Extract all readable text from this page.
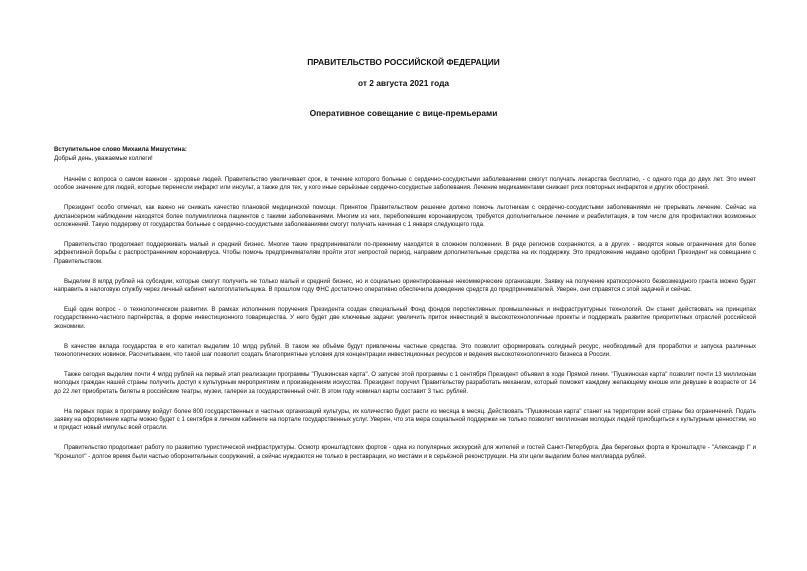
ПРАВИТЕЛЬСТВО РОССИЙСКОЙ ФЕДЕРАЦИИ
от 2 августа 2021 года
Оперативное совещание с вице-премьерами

Вступительное слово Михаила Мишустина:

Добрый день, уважаемые коллеги!

Начнём с вопроса о самом важном - здоровье людей. Правительство увеличивает срок, в течение которого больные с сердечно-сосудистыми заболеваниями смогут получать лекарства бесплатно, - с одного года до двух лет. Это имеет особое значение для людей, которые перенесли инфаркт или инсульт, а также для тех, у кого иные серьёзные сердечно-сосудистые заболевания. Лечение медикаментами снижает риск повторных инфарктов и других обострений.

Президент особо отмечал, как важно не снижать качество плановой медицинской помощи. Принятое Правительством решение должно помочь льготникам с сердечно-сосудистыми заболеваниями не прерывать лечение. Сейчас на диспансерном наблюдении находятся более полумиллиона пациентов с такими заболеваниями. Многим из них, переболевшим коронавирусом, требуется дополнительное лечение и реабилитация, в том числе для профилактики возможных осложнений. Такую поддержку от государства больные с сердечно-сосудистыми заболеваниями смогут получать начиная с 1 января следующего года.

Правительство продолжает поддерживать малый и средний бизнес. Многие такие предприниматели по-прежнему находятся в сложном положении. В ряде регионов сохраняются, а в других - вводятся новые ограничения для более эффективной борьбы с распространением коронавируса. Чтобы помочь предпринимателям пройти этот непростой период, направим дополнительные средства на их поддержку. Это предложение недавно одобрил Президент на совещании с Правительством.

Выделим 8 млрд рублей на субсидии, которые смогут получить не только малый и средний бизнес, но и социально ориентированные некоммерческие организации. Заявку на получение краткосрочного безвозмездного гранта можно будет направить в налоговую службу через личный кабинет налогоплательщика. В прошлом году ФНС достаточно оперативно обеспечила доведение средств до предпринимателей. Уверен, они справятся с этой задачей и сейчас.

Ещё один вопрос - о технологическом развитии. В рамках исполнения поручения Президента создан специальный Фонд фондов перспективных промышленных и инфраструктурных технологий. Он станет действовать на принципах государственно-частного партнёрства, в форме инвестиционного товарищества. У него будет две ключевые задачи: увеличить приток инвестиций в высокотехнологичные проекты и поддержать развитие приоритетных отраслей российской экономики.

В качестве вклада государства в его капитал выделим 10 млрд рублей. В таком же объёме будут привлечены частные средства. Это позволит сформировать солидный ресурс, необходимый для проработки и запуска различных технологических новинок. Рассчитываем, что такой шаг позволит создать благоприятные условия для концентрации инвестиционных ресурсов и ведения высокотехнологичного бизнеса в России.

Также сегодня выделим почти 4 млрд рублей на первый этап реализации программы "Пушкинская карта". О запуске этой программы с 1 сентября Президент объявил в ходе Прямой линии. "Пушкинская карта" позволит почти 13 миллионам молодых граждан нашей страны получить доступ к культурным мероприятиям и произведениям искусства. Президент поручил Правительству разработать механизм, который поможет каждому желающему юноше или девушке в возрасте от 14 до 22 лет приобретать билеты в российские театры, музеи, галереи за государственный счёт. В этом году номинал карты составит 3 тыс. рублей.

На первых порах в программу войдут более 800 государственных и частных организаций культуры, их количество будет расти из месяца в месяц. Действовать "Пушкинская карта" станет на территории всей страны без ограничений. Подать заявку на оформление карты можно будет с 1 сентября в личном кабинете на портале государственных услуг. Уверен, что эта мера социальной поддержки не только позволит миллионам молодых людей приобщиться к культурным ценностям, но и придаст новый импульс всей отрасли.

Правительство продолжает работу по развитию туристической инфраструктуры. Осмотр кронштадтских фортов - одна из популярных экскурсий для жителей и гостей Санкт-Петербурга. Два береговых форта в Кронштадте - "Александр I" и "Кроншлот" - долгое время были частью оборонительных сооружений, а сейчас нуждаются не только в реставрации, но местами и в серьёзной реконструкции. На эти цели выделим более миллиарда рублей.
